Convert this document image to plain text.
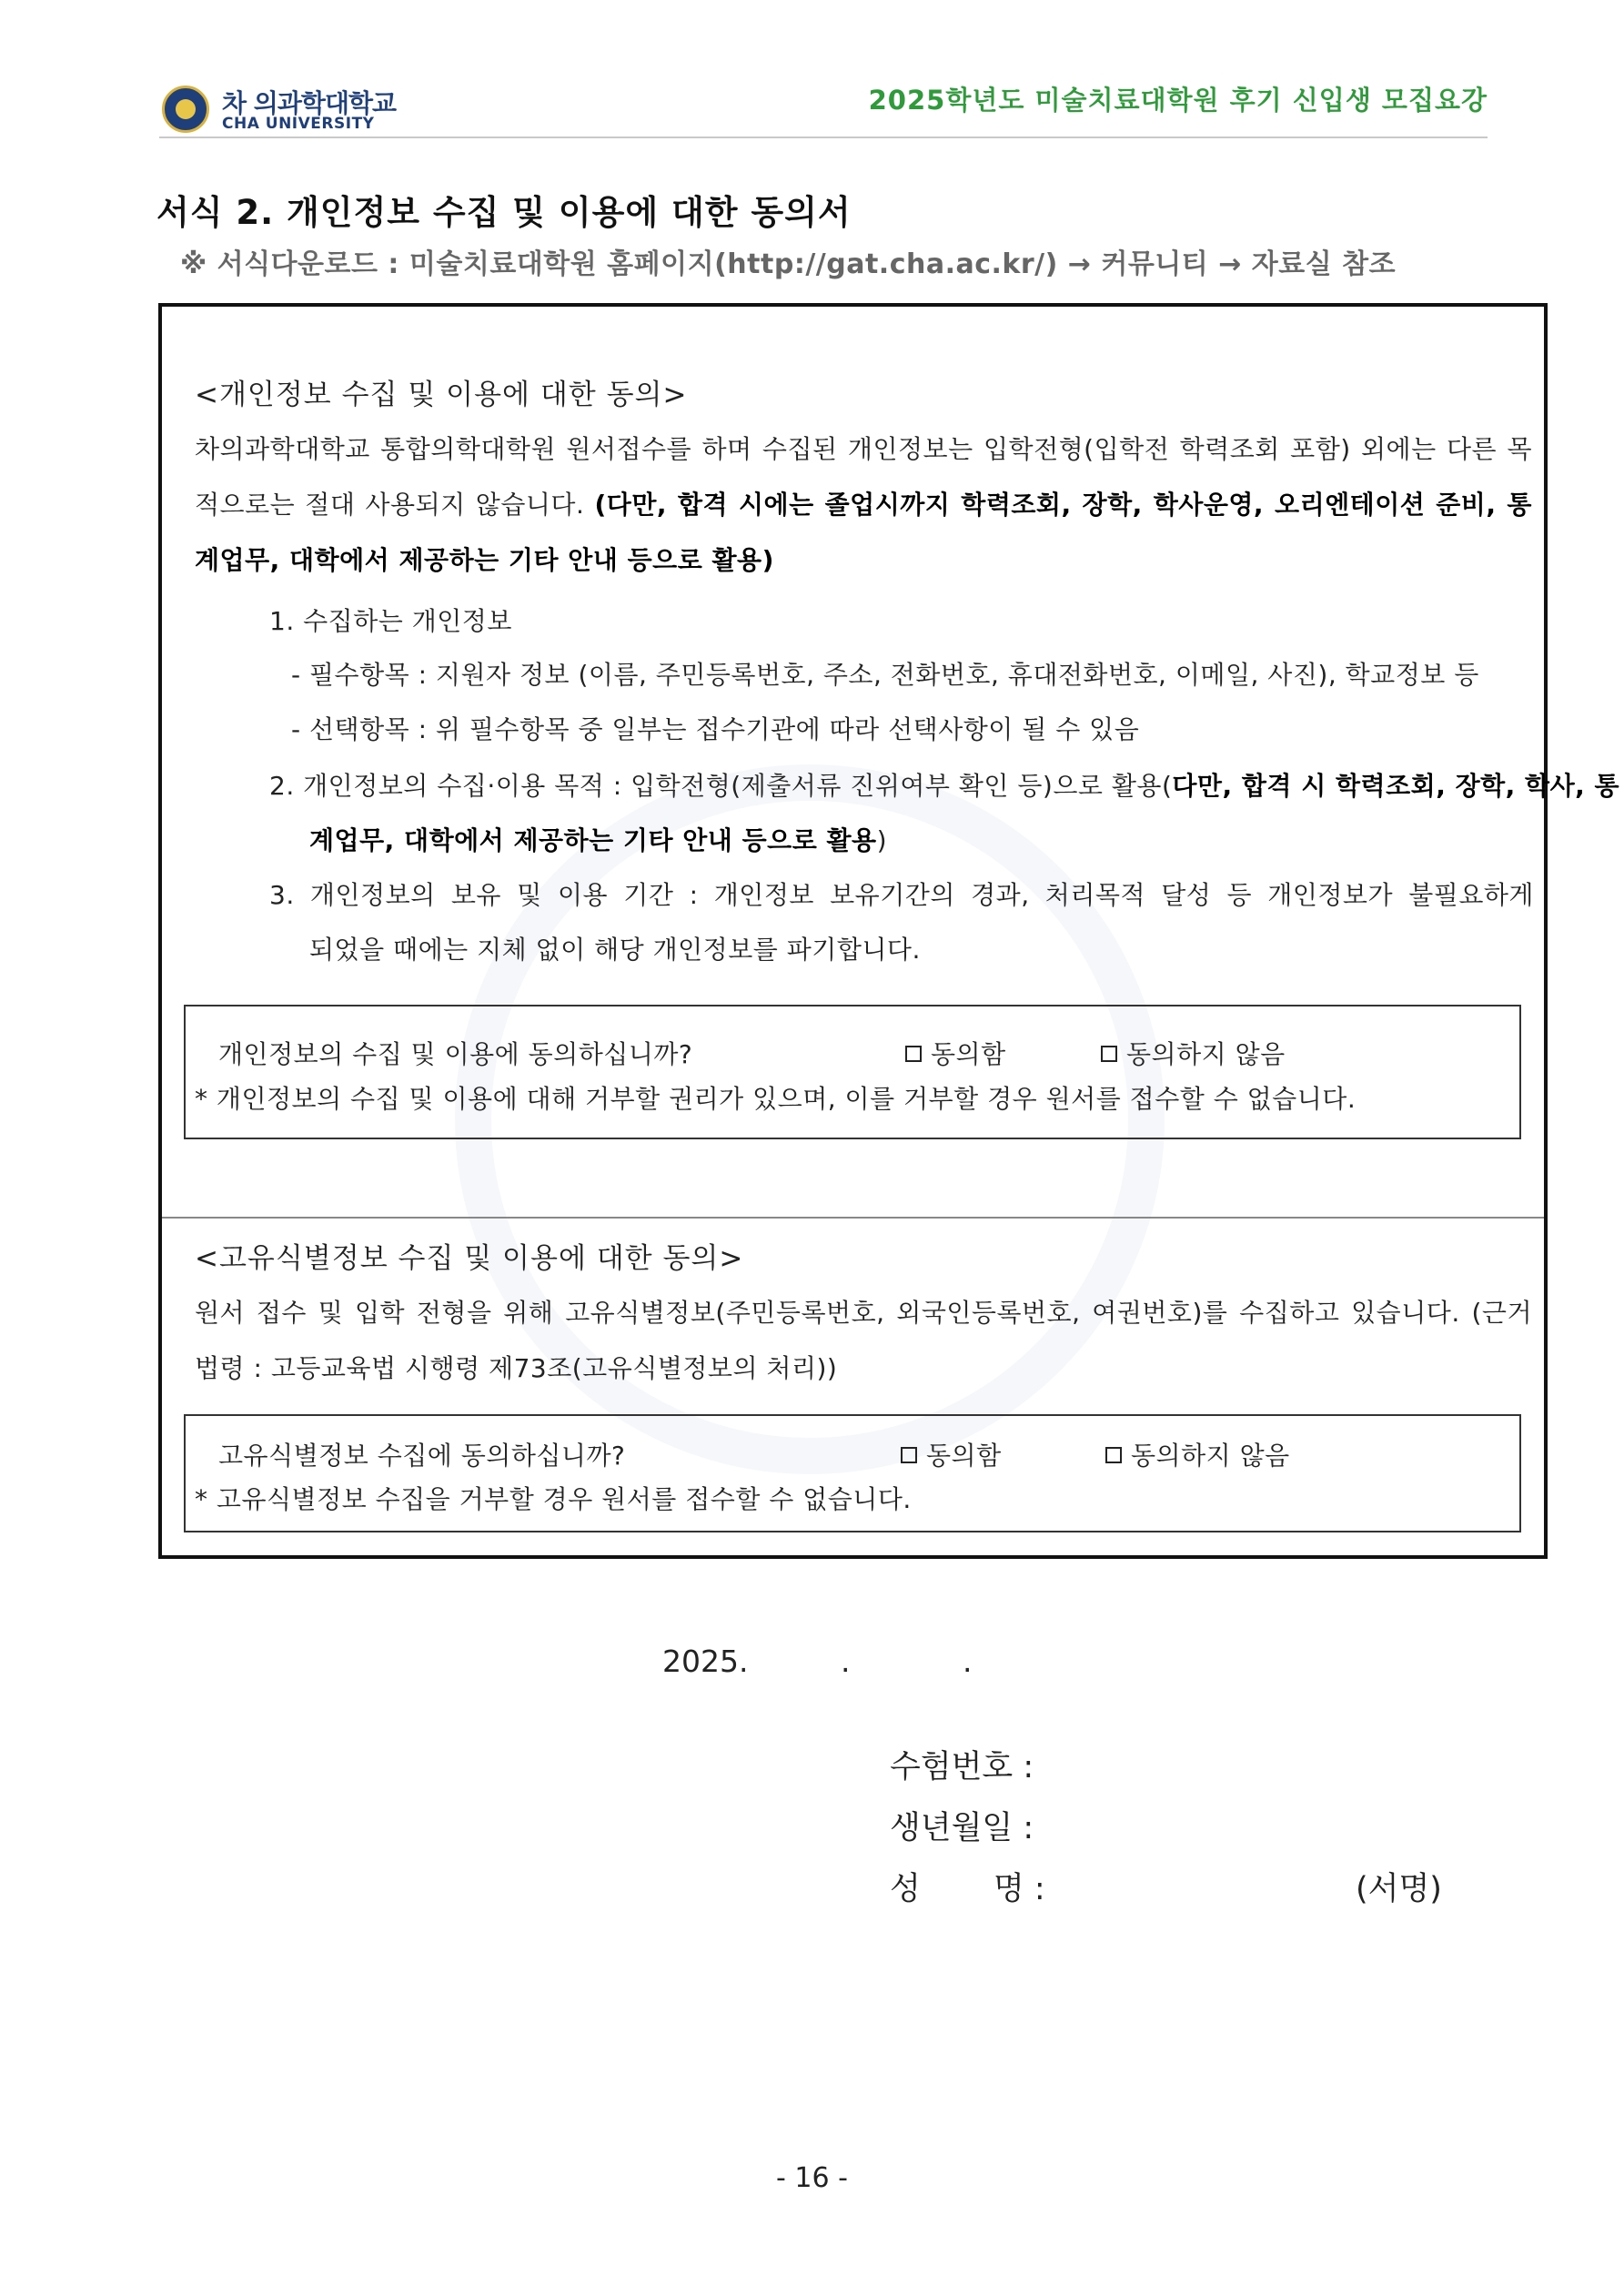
차 의과학대학교
CHA UNIVERSITY
2025학년도 미술치료대학원 후기 신입생 모집요강
서식 2. 개인정보 수집 및 이용에 대한 동의서
※ 서식다운로드 : 미술치료대학원 홈페이지(http://gat.cha.ac.kr/) → 커뮤니티 → 자료실 참조
<개인정보 수집 및 이용에 대한 동의>
차의과학대학교 통합의학대학원 원서접수를 하며 수집된 개인정보는 입학전형(입학전 학력조회 포함) 외에는 다른 목적으로는 절대 사용되지 않습니다. (다만, 합격 시에는 졸업시까지 학력조회, 장학, 학사운영, 오리엔테이션 준비, 통계업무, 대학에서 제공하는 기타 안내 등으로 활용)
1. 수집하는 개인정보
- 필수항목 : 지원자 정보 (이름, 주민등록번호, 주소, 전화번호, 휴대전화번호, 이메일, 사진), 학교정보 등
- 선택항목 : 위 필수항목 중 일부는 접수기관에 따라 선택사항이 될 수 있음
2. 개인정보의 수집·이용 목적 : 입학전형(제출서류 진위여부 확인 등)으로 활용(다만, 합격 시 학력조회, 장학, 학사, 통
계업무, 대학에서 제공하는 기타 안내 등으로 활용)
3. 개인정보의 보유 및 이용 기간 : 개인정보 보유기간의 경과, 처리목적 달성 등 개인정보가 불필요하게
되었을 때에는 지체 없이 해당 개인정보를 파기합니다.
개인정보의 수집 및 이용에 동의하십니까?	동의함	동의하지 않음
* 개인정보의 수집 및 이용에 대해 거부할 권리가 있으며, 이를 거부할 경우 원서를 접수할 수 없습니다.
<고유식별정보 수집 및 이용에 대한 동의>
원서 접수 및 입학 전형을 위해 고유식별정보(주민등록번호, 외국인등록번호, 여권번호)를 수집하고 있습니다. (근거 법령 : 고등교육법 시행령 제73조(고유식별정보의 처리))
고유식별정보 수집에 동의하십니까?	동의함	동의하지 않음
* 고유식별정보 수집을 거부할 경우 원서를 접수할 수 없습니다.
2025.	.	.
수험번호 :
생년월일 :
성 명 :	(서명)
- 16 -
